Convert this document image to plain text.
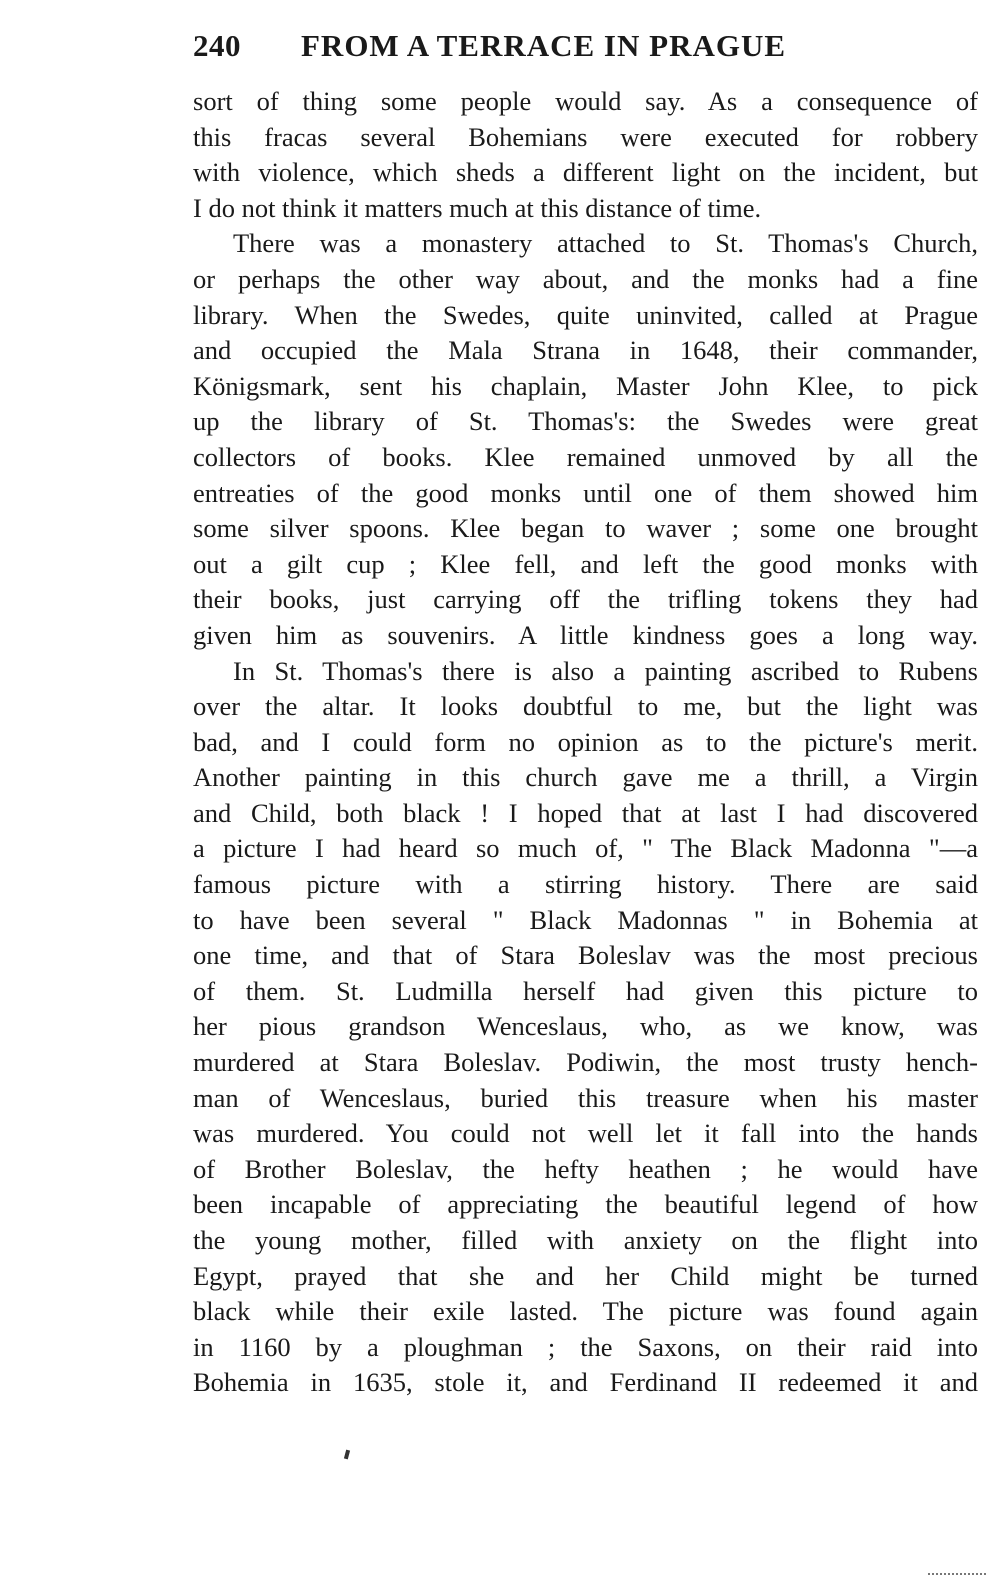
240 FROM A TERRACE IN PRAGUE
sort of thing some people would say. As a consequence of
this fracas several Bohemians were executed for robbery
with violence, which sheds a different light on the incident, but
I do not think it matters much at this distance of time.
There was a monastery attached to St. Thomas's Church,
or perhaps the other way about, and the monks had a fine
library. When the Swedes, quite uninvited, called at Prague
and occupied the Mala Strana in 1648, their commander,
Königsmark, sent his chaplain, Master John Klee, to pick
up the library of St. Thomas's: the Swedes were great
collectors of books. Klee remained unmoved by all the
entreaties of the good monks until one of them showed him
some silver spoons. Klee began to waver ; some one brought
out a gilt cup ; Klee fell, and left the good monks with
their books, just carrying off the trifling tokens they had
given him as souvenirs. A little kindness goes a long way.
In St. Thomas's there is also a painting ascribed to Rubens
over the altar. It looks doubtful to me, but the light was
bad, and I could form no opinion as to the picture's merit.
Another painting in this church gave me a thrill, a Virgin
and Child, both black ! I hoped that at last I had discovered
a picture I had heard so much of, " The Black Madonna "—a
famous picture with a stirring history. There are said
to have been several " Black Madonnas " in Bohemia at
one time, and that of Stara Boleslav was the most precious
of them. St. Ludmilla herself had given this picture to
her pious grandson Wenceslaus, who, as we know, was
murdered at Stara Boleslav. Podiwin, the most trusty hench-
man of Wenceslaus, buried this treasure when his master
was murdered. You could not well let it fall into the hands
of Brother Boleslav, the hefty heathen ; he would have
been incapable of appreciating the beautiful legend of how
the young mother, filled with anxiety on the flight into
Egypt, prayed that she and her Child might be turned
black while their exile lasted. The picture was found again
in 1160 by a ploughman ; the Saxons, on their raid into
Bohemia in 1635, stole it, and Ferdinand II redeemed it and
